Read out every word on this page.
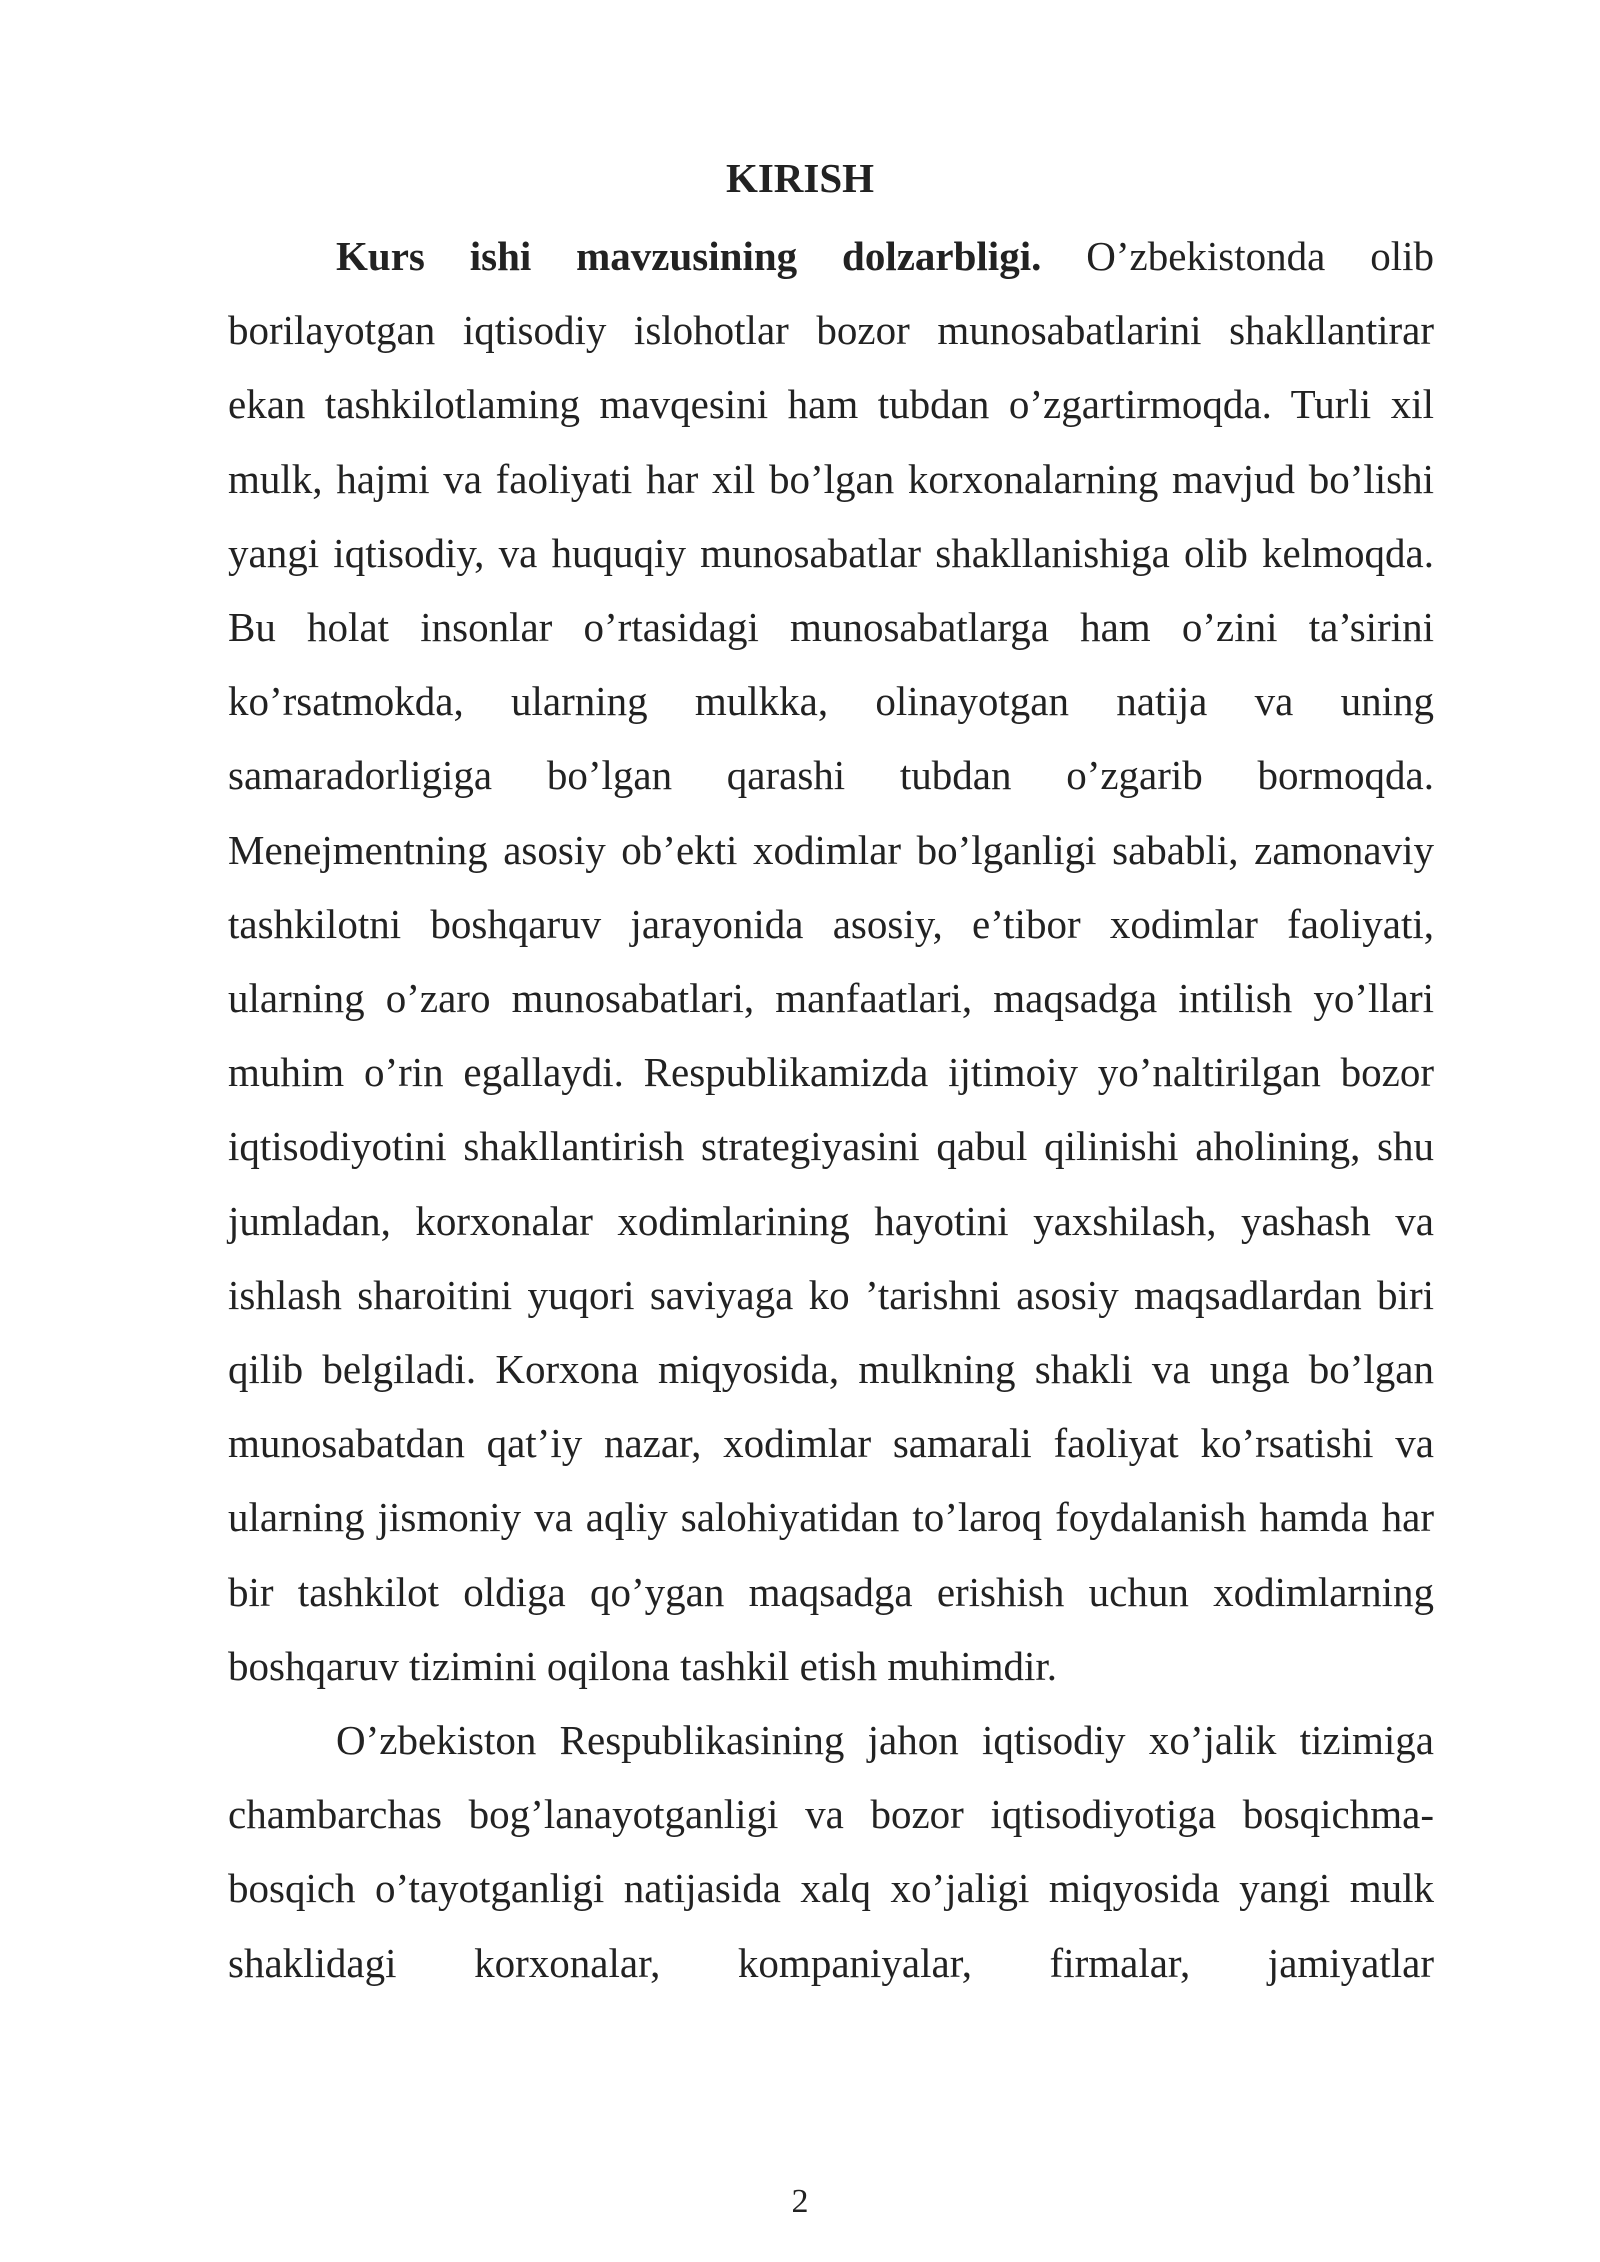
KIRISH

Kurs ishi mavzusining dolzarbligi. O’zbekistonda olib borilayotgan iqtisodiy islohotlar bozor munosabatlarini shakllantirar ekan tashkilotlaming mavqesini ham tubdan o’zgartirmoqda. Turli xil mulk, hajmi va faoliyati har xil bo’lgan korxonalarning mavjud bo’lishi yangi iqtisodiy, va huquqiy munosabatlar shakllanishiga olib kelmoqda. Bu holat insonlar o’rtasidagi munosabatlarga ham o’zini ta’sirini ko’rsatmokda, ularning mulkka, olinayotgan natija va uning samaradorligiga bo’lgan qarashi tubdan o’zgarib bormoqda. Menejmentning asosiy ob’ekti xodimlar bo’lganligi sababli, zamonaviy tashkilotni boshqaruv jarayonida asosiy, e’tibor xodimlar faoliyati, ularning o’zaro munosabatlari, manfaatlari, maqsadga intilish yo’llari muhim o’rin egallaydi. Respublikamizda ijtimoiy yo’naltirilgan bozor iqtisodiyotini shakllantirish strategiyasini qabul qilinishi aholining, shu jumladan, korxonalar xodimlarining hayotini yaxshilash, yashash va ishlash sharoitini yuqori saviyaga ko ’tarishni asosiy maqsadlardan biri qilib belgiladi. Korxona miqyosida, mulkning shakli va unga bo’lgan munosabatdan qat’iy nazar, xodimlar samarali faoliyat ko’rsatishi va ularning jismoniy va aqliy salohiyatidan to’laroq foydalanish hamda har bir tashkilot oldiga qo’ygan maqsadga erishish uchun xodimlarning boshqaruv tizimini oqilona tashkil etish muhimdir.

O’zbekiston Respublikasining jahon iqtisodiy xo’jalik tizimiga chambarchas bog’lanayotganligi va bozor iqtisodiyotiga bosqichma-bosqich o’tayotganligi natijasida xalq xo’jaligi miqyosida yangi mulk shaklidagi korxonalar, kompaniyalar, firmalar, jamiyatlar

2
